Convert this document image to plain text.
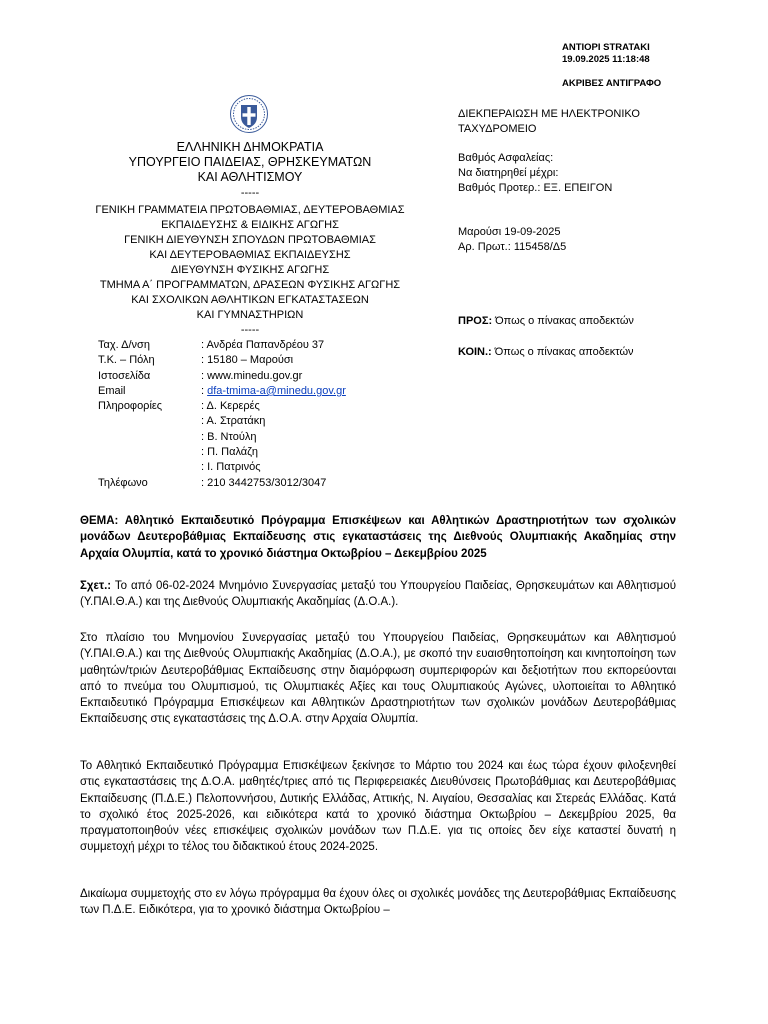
ANTIOPI STRATAKI
19.09.2025 11:18:48
ΑΚΡΙΒΕΣ ΑΝΤΙΓΡΑΦΟ
ΕΛΛΗΝΙΚΗ ΔΗΜΟΚΡΑΤΙΑ
ΥΠΟΥΡΓΕΙΟ ΠΑΙΔΕΙΑΣ, ΘΡΗΣΚΕΥΜΑΤΩΝ
ΚΑΙ ΑΘΛΗΤΙΣΜΟΥ
-----
ΓΕΝΙΚΗ ΓΡΑΜΜΑΤΕΙΑ ΠΡΩΤΟΒΑΘΜΙΑΣ, ΔΕΥΤΕΡΟΒΑΘΜΙΑΣ
ΕΚΠΑΙΔΕΥΣΗΣ & ΕΙΔΙΚΗΣ ΑΓΩΓΗΣ
ΓΕΝΙΚΗ ΔΙΕΥΘΥΝΣΗ ΣΠΟΥΔΩΝ ΠΡΩΤΟΒΑΘΜΙΑΣ
ΚΑΙ ΔΕΥΤΕΡΟΒΑΘΜΙΑΣ ΕΚΠΑΙΔΕΥΣΗΣ
ΔΙΕΥΘΥΝΣΗ ΦΥΣΙΚΗΣ ΑΓΩΓΗΣ
ΤΜΗΜΑ Α΄ ΠΡΟΓΡΑΜΜΑΤΩΝ, ΔΡΑΣΕΩΝ ΦΥΣΙΚΗΣ ΑΓΩΓΗΣ
ΚΑΙ ΣΧΟΛΙΚΩΝ ΑΘΛΗΤΙΚΩΝ ΕΓΚΑΤΑΣΤΑΣΕΩΝ
ΚΑΙ ΓΥΜΝΑΣΤΗΡΙΩΝ
-----
Ταχ. Δ/νση	: Ανδρέα Παπανδρέου 37
Τ.Κ. – Πόλη	: 15180 – Μαρούσι
Ιστοσελίδα	: www.minedu.gov.gr
Email	: dfa-tmima-a@minedu.gov.gr
Πληροφορίες	: Δ. Κερερές
: Α. Στρατάκη
: Β. Ντούλη
: Π. Παλάζη
: Ι. Πατρινός
Τηλέφωνο	: 210 3442753/3012/3047
ΔΙΕΚΠΕΡΑΙΩΣΗ ΜΕ ΗΛΕΚΤΡΟΝΙΚΟ
ΤΑΧΥΔΡΟΜΕΙΟ
Βαθμός Ασφαλείας:
Να διατηρηθεί μέχρι:
Βαθμός Προτερ.: ΕΞ. ΕΠΕΙΓΟΝ
Μαρούσι 19-09-2025
Αρ. Πρωτ.: 115458/Δ5
ΠΡΟΣ: Όπως ο πίνακας αποδεκτών
ΚΟΙΝ.: Όπως ο πίνακας αποδεκτών

ΘΕΜΑ: Αθλητικό Εκπαιδευτικό Πρόγραμμα Επισκέψεων και Αθλητικών Δραστηριοτήτων των σχολικών μονάδων Δευτεροβάθμιας Εκπαίδευσης στις εγκαταστάσεις της Διεθνούς Ολυμπιακής Ακαδημίας στην Αρχαία Ολυμπία, κατά το χρονικό διάστημα Οκτωβρίου – Δεκεμβρίου 2025

Σχετ.: Το από 06-02-2024 Μνημόνιο Συνεργασίας μεταξύ του Υπουργείου Παιδείας, Θρησκευμάτων και Αθλητισμού (Υ.ΠΑΙ.Θ.Α.) και της Διεθνούς Ολυμπιακής Ακαδημίας (Δ.Ο.Α.).

Στο πλαίσιο του Μνημονίου Συνεργασίας μεταξύ του Υπουργείου Παιδείας, Θρησκευμάτων και Αθλητισμού (Υ.ΠΑΙ.Θ.Α.) και της Διεθνούς Ολυμπιακής Ακαδημίας (Δ.Ο.Α.), με σκοπό την ευαισθητοποίηση και κινητοποίηση των μαθητών/τριών Δευτεροβάθμιας Εκπαίδευσης στην διαμόρφωση συμπεριφορών και δεξιοτήτων που εκπορεύονται από το πνεύμα του Ολυμπισμού, τις Ολυμπιακές Αξίες και τους Ολυμπιακούς Αγώνες, υλοποιείται το Αθλητικό Εκπαιδευτικό Πρόγραμμα Επισκέψεων και Αθλητικών Δραστηριοτήτων των σχολικών μονάδων Δευτεροβάθμιας Εκπαίδευσης στις εγκαταστάσεις της Δ.Ο.Α. στην Αρχαία Ολυμπία.

Το Αθλητικό Εκπαιδευτικό Πρόγραμμα Επισκέψεων ξεκίνησε το Μάρτιο του 2024 και έως τώρα έχουν φιλοξενηθεί στις εγκαταστάσεις της Δ.Ο.Α. μαθητές/τριες από τις Περιφερειακές Διευθύνσεις Πρωτοβάθμιας και Δευτεροβάθμιας Εκπαίδευσης (Π.Δ.Ε.) Πελοποννήσου, Δυτικής Ελλάδας, Αττικής, Ν. Αιγαίου, Θεσσαλίας και Στερεάς Ελλάδας. Κατά το σχολικό έτος 2025-2026, και ειδικότερα κατά το χρονικό διάστημα Οκτωβρίου – Δεκεμβρίου 2025, θα πραγματοποιηθούν νέες επισκέψεις σχολικών μονάδων των Π.Δ.Ε. για τις οποίες δεν είχε καταστεί δυνατή η συμμετοχή μέχρι το τέλος του διδακτικού έτους 2024-2025.

Δικαίωμα συμμετοχής στο εν λόγω πρόγραμμα θα έχουν όλες οι σχολικές μονάδες της Δευτεροβάθμιας Εκπαίδευσης των Π.Δ.Ε. Ειδικότερα, για το χρονικό διάστημα Οκτωβρίου –
